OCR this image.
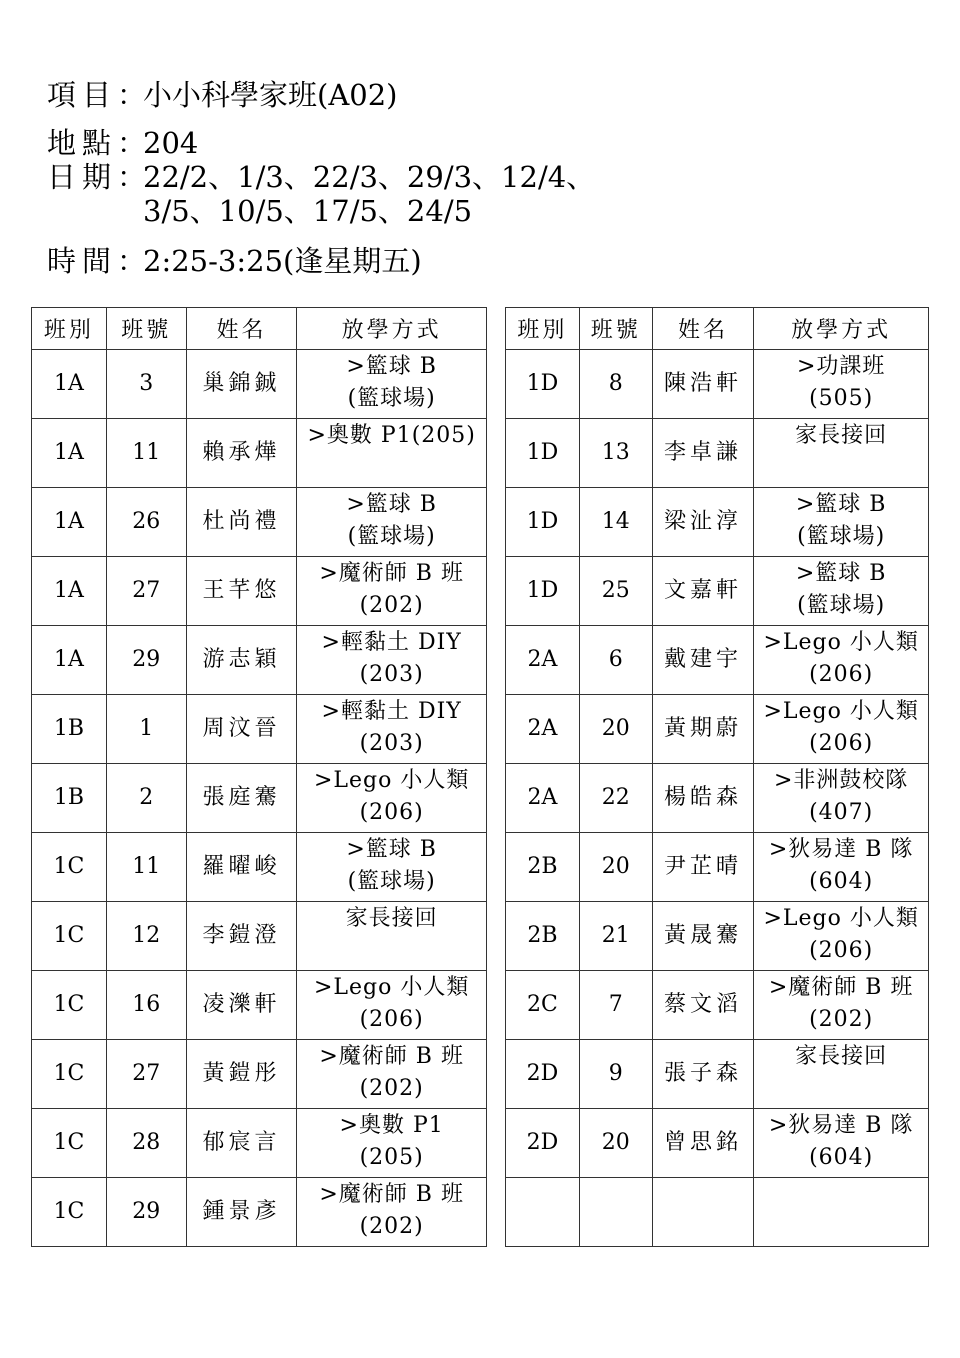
項目：
小小科學家班(A02)
地點：
204
日期：
22/2、1/3、22/3、29/3、12/4、
3/5、10/5、17/5、24/5
時間：
2:25-3:25(逢星期五)
班別	班號	姓名	放學方式
1A	3	巢錦鋮	>籃球 B
(籃球場)

1A	11	賴承燁	>奧數 P1(205)

1A	26	杜尚禮	>籃球 B
(籃球場)

1A	27	王芊悠	>魔術師 B 班
(202)

1A	29	游志穎	>輕黏土 DIY
(203)

1B	1	周汶晉	>輕黏土 DIY
(203)

1B	2	張庭騫	>Lego 小人類
(206)

1C	11	羅曜峻	>籃球 B
(籃球場)

1C	12	李鎧澄	家長接回

1C	16	凌濼軒	>Lego 小人類
(206)

1C	27	黃鎧彤	>魔術師 B 班
(202)

1C	28	郁宸言	>奧數 P1
(205)

1C	29	鍾景彥	>魔術師 B 班
(202)
班別	班號	姓名	放學方式
1D	8	陳浩軒	>功課班
(505)

1D	13	李卓謙	家長接回

1D	14	梁沚淳	>籃球 B
(籃球場)

1D	25	文嘉軒	>籃球 B
(籃球場)

2A	6	戴建宇	>Lego 小人類
(206)

2A	20	黃期蔚	>Lego 小人類
(206)

2A	22	楊皓森	>非洲鼓校隊
(407)

2B	20	尹芷晴	>狄易達 B 隊
(604)

2B	21	黃晟騫	>Lego 小人類
(206)

2C	7	蔡文滔	>魔術師 B 班
(202)

2D	9	張子森	家長接回

2D	20	曾思銘	>狄易達 B 隊
(604)
